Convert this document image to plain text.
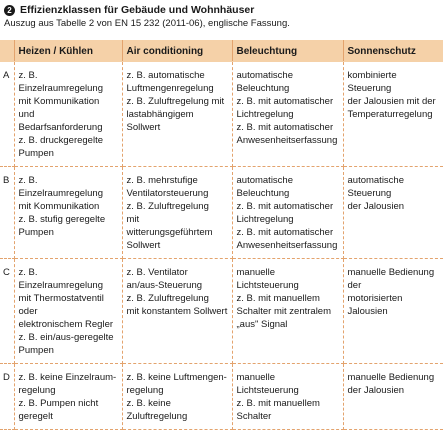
2 Effizienzklassen für Gebäude und Wohnhäuser
Auszug aus Tabelle 2 von EN 15 232 (2011-06), englische Fassung.
	Heizen / Kühlen	Air conditioning	Beleuchtung	Sonnenschutz
A	z. B. Einzelraumregelung
mit Kommunikation und
Bedarfsanforderung
z. B. druckgeregelte
Pumpen	z. B. automatische
Luftmengenregelung
z. B. Zuluftregelung mit
lastabhängigem Sollwert	automatische Beleuchtung
z. B. mit automatischer
Lichtregelung
z. B. mit automatischer
Anwesenheitserfassung	kombinierte Steuerung
der Jalousien mit der
Temperaturregelung

B	z. B. Einzelraumregelung
mit Kommunikation
z. B. stufig geregelte
Pumpen	z. B. mehrstufige
Ventilatorsteuerung
z. B. Zuluftregelung
mit witterungsgeführtem
Sollwert	automatische Beleuchtung
z. B. mit automatischer
Lichtregelung
z. B. mit automatischer
Anwesenheitserfassung	automatische Steuerung
der Jalousien

C	z. B. Einzelraumregelung
mit Thermostatventil oder
elektronischem Regler
z. B. ein/aus-geregelte
Pumpen	z. B. Ventilator
an/aus-Steuerung
z. B. Zuluftregelung
mit konstantem Sollwert	manuelle Lichtsteuerung
z. B. mit manuellem
Schalter mit zentralem
„aus" Signal	manuelle Bedienung der
motorisierten Jalousien

D	z. B. keine Einzelraum-
regelung
z. B. Pumpen nicht
geregelt	z. B. keine Luftmengen-
regelung
z. B. keine Zuluftregelung	manuelle Lichtsteuerung
z. B. mit manuellem
Schalter	manuelle Bedienung
der Jalousien
